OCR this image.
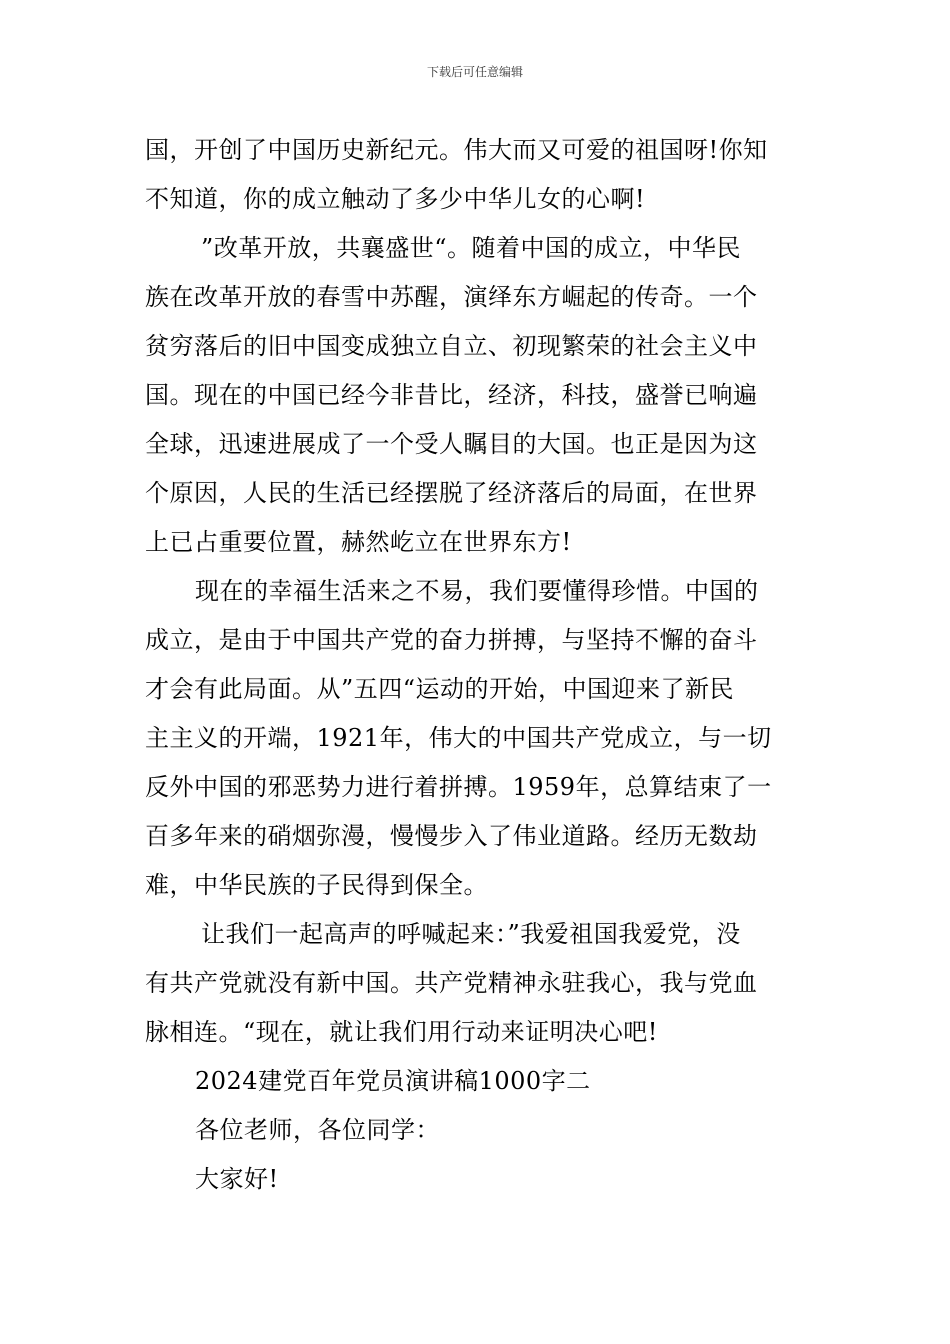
下载后可任意编辑
国，开创了中国历史新纪元。伟大而又可爱的祖国呀!你知
不知道，你的成立触动了多少中华儿女的心啊!
”改革开放，共襄盛世“。随着中国的成立，中华民
族在改革开放的春雪中苏醒，演绎东方崛起的传奇。一个
贫穷落后的旧中国变成独立自立、初现繁荣的社会主义中
国。现在的中国已经今非昔比，经济，科技，盛誉已响遍
全球，迅速进展成了一个受人瞩目的大国。也正是因为这
个原因，人民的生活已经摆脱了经济落后的局面，在世界
上已占重要位置，赫然屹立在世界东方!
现在的幸福生活来之不易，我们要懂得珍惜。中国的
成立，是由于中国共产党的奋力拼搏，与坚持不懈的奋斗
才会有此局面。从”五四“运动的开始，中国迎来了新民
主主义的开端，1921年，伟大的中国共产党成立，与一切
反外中国的邪恶势力进行着拼搏。1959年，总算结束了一
百多年来的硝烟弥漫，慢慢步入了伟业道路。经历无数劫
难，中华民族的子民得到保全。
让我们一起高声的呼喊起来：”我爱祖国我爱党，没
有共产党就没有新中国。共产党精神永驻我心，我与党血
脉相连。“现在，就让我们用行动来证明决心吧!
2024建党百年党员演讲稿1000字二
各位老师，各位同学：
大家好!
